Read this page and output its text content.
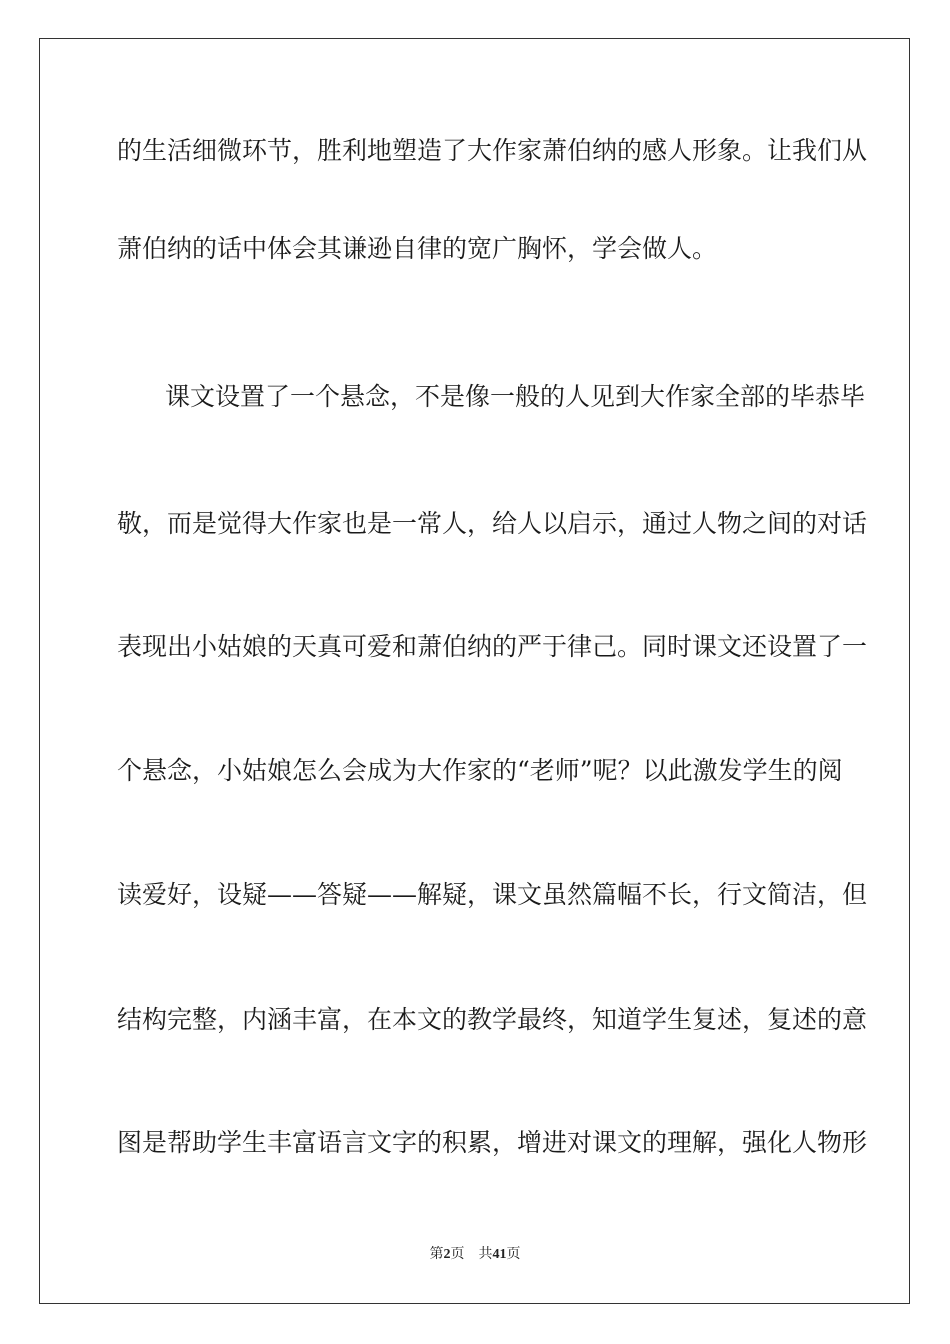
的生活细微环节，胜利地塑造了大作家萧伯纳的感人形象。让我们从
萧伯纳的话中体会其谦逊自律的宽广胸怀，学会做人。
课文设置了一个悬念，不是像一般的人见到大作家全部的毕恭毕
敬，而是觉得大作家也是一常人，给人以启示，通过人物之间的对话
表现出小姑娘的天真可爱和萧伯纳的严于律己。同时课文还设置了一
个悬念，小姑娘怎么会成为大作家的“老师”呢？以此激发学生的阅
读爱好，设疑——答疑——解疑，课文虽然篇幅不长，行文简洁，但
结构完整，内涵丰富，在本文的教学最终，知道学生复述，复述的意
图是帮助学生丰富语言文字的积累，增进对课文的理解，强化人物形
第2页 共41页
